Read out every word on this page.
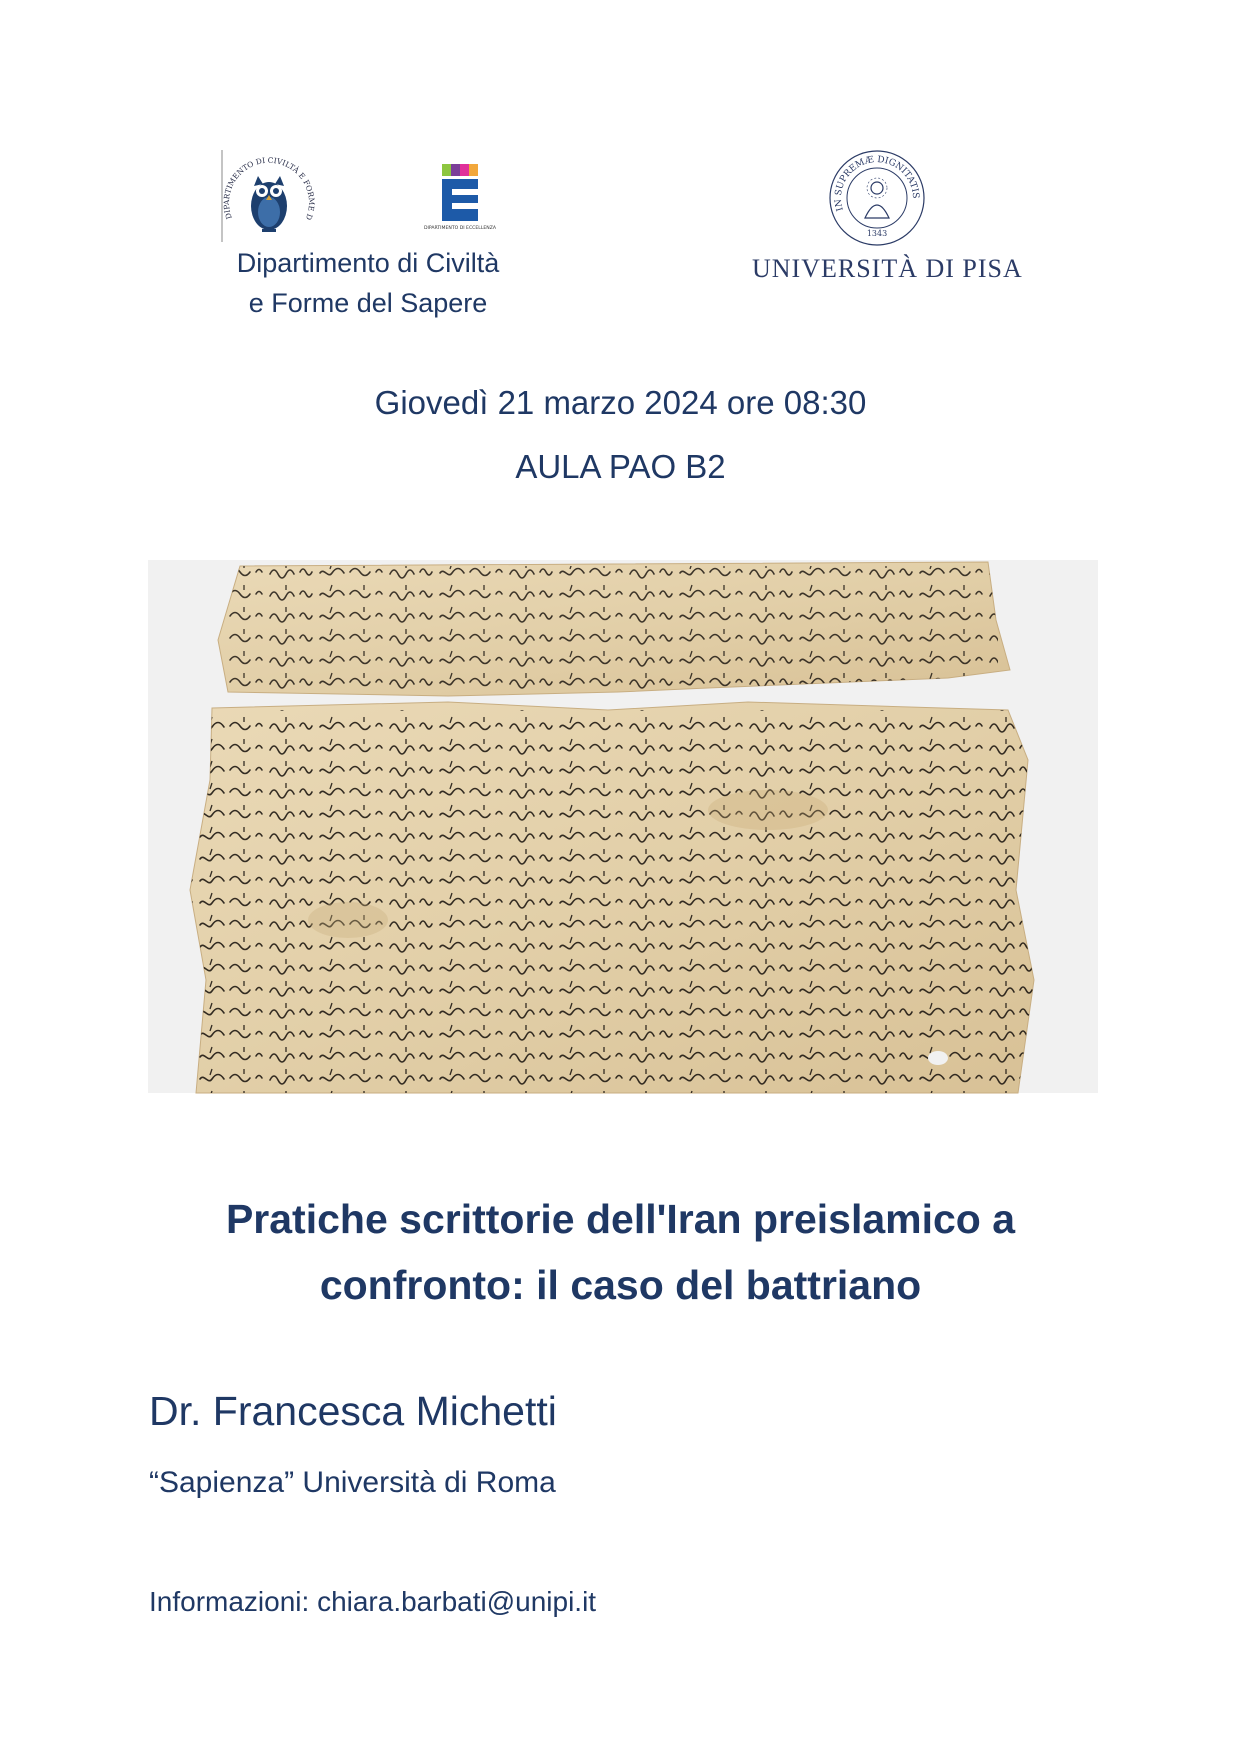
DIPARTIMENTO DI CIVILTÀ E FORME D
DIPARTIMENTO DI ECCELLENZA
Dipartimento di Civiltà
e Forme del Sapere
IN SUPREMÆ DIGNITATIS
1343
UNIVERSITÀ DI PISA
Giovedì 21 marzo 2024 ore 08:30
AULA PAO B2
Pratiche scrittorie dell'Iran preislamico a
confronto: il caso del battriano
Dr. Francesca Michetti
“Sapienza” Università di Roma
Informazioni: chiara.barbati@unipi.it
